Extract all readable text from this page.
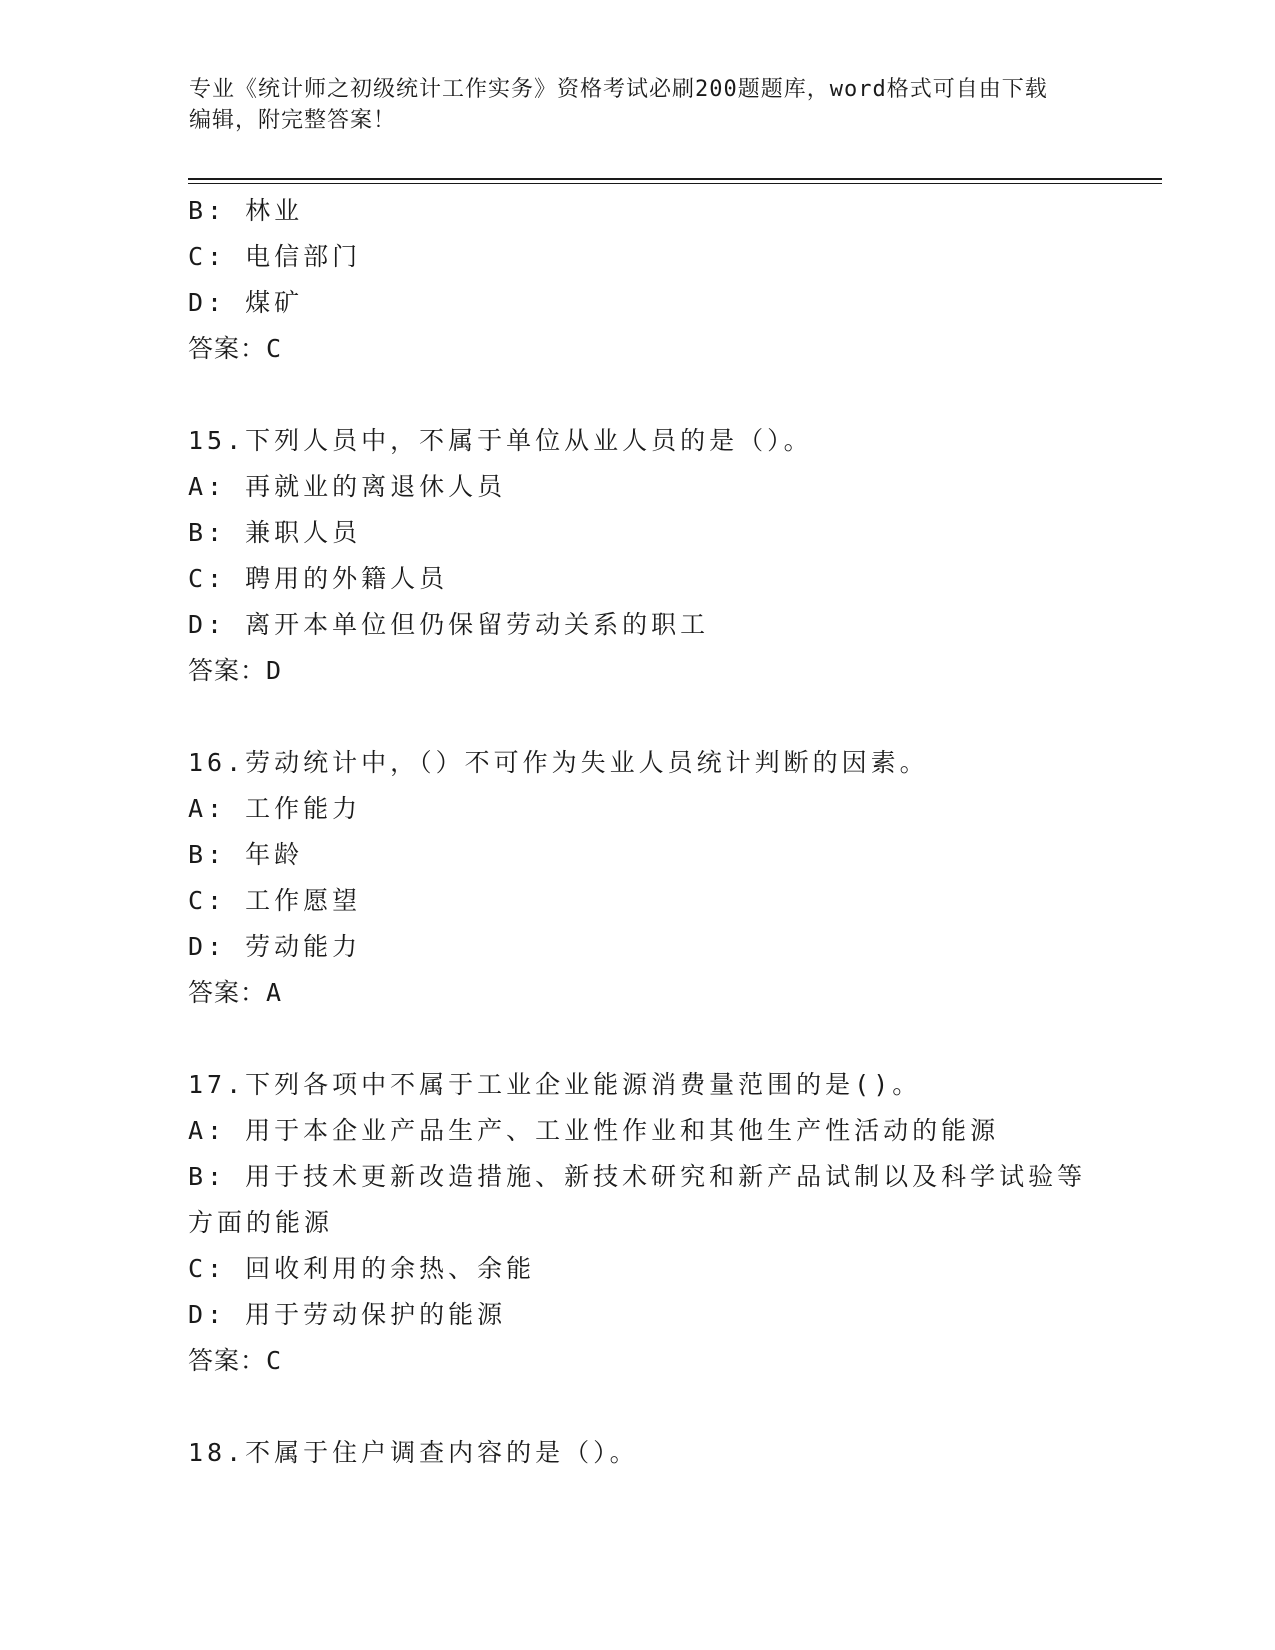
专业《统计师之初级统计工作实务》资格考试必刷200题题库，word格式可自由下载编辑，附完整答案！
B: 林业
C: 电信部门
D: 煤矿
答案：C
15.下列人员中，不属于单位从业人员的是（）。
A: 再就业的离退休人员
B: 兼职人员
C: 聘用的外籍人员
D: 离开本单位但仍保留劳动关系的职工
答案：D
16.劳动统计中，（）不可作为失业人员统计判断的因素。
A: 工作能力
B: 年龄
C: 工作愿望
D: 劳动能力
答案：A
17.下列各项中不属于工业企业能源消费量范围的是()。
A: 用于本企业产品生产、工业性作业和其他生产性活动的能源
B: 用于技术更新改造措施、新技术研究和新产品试制以及科学试验等方面的能源
C: 回收利用的余热、余能
D: 用于劳动保护的能源
答案：C
18.不属于住户调查内容的是（）。
